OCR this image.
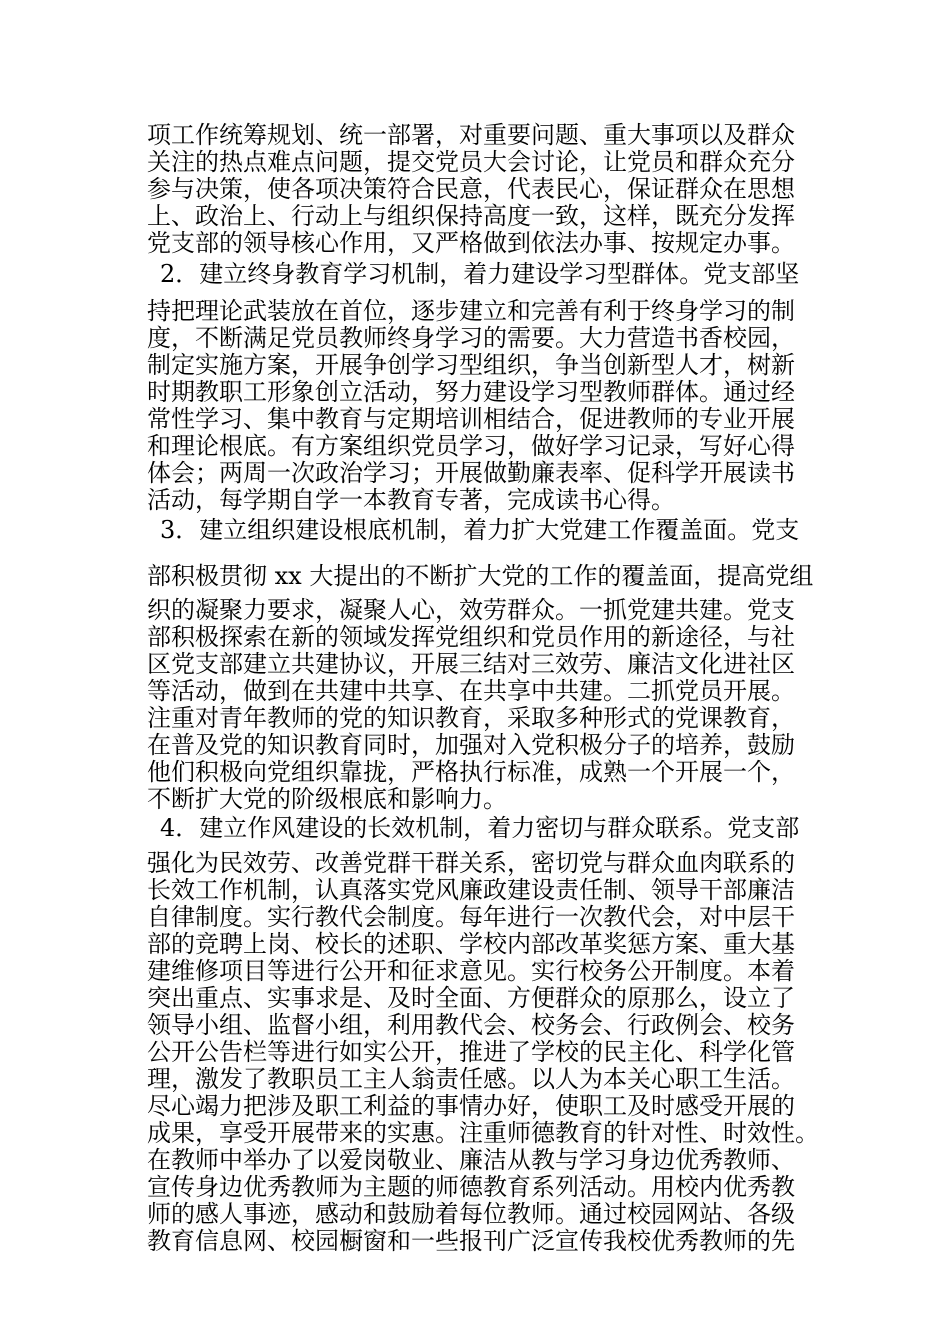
项工作统筹规划、统一部署，对重要问题、重大事项以及群众
关注的热点难点问题，提交党员大会讨论，让党员和群众充分
参与决策，使各项决策符合民意，代表民心，保证群众在思想
上、政治上、行动上与组织保持高度一致，这样，既充分发挥
党支部的领导核心作用，又严格做到依法办事、按规定办事。
2．建立终身教育学习机制，着力建设学习型群体。党支部坚
持把理论武装放在首位，逐步建立和完善有利于终身学习的制
度，不断满足党员教师终身学习的需要。大力营造书香校园，
制定实施方案，开展争创学习型组织，争当创新型人才，树新
时期教职工形象创立活动，努力建设学习型教师群体。通过经
常性学习、集中教育与定期培训相结合，促进教师的专业开展
和理论根底。有方案组织党员学习，做好学习记录，写好心得
体会；两周一次政治学习；开展做勤廉表率、促科学开展读书
活动，每学期自学一本教育专著，完成读书心得。
3．建立组织建设根底机制，着力扩大党建工作覆盖面。党支
部积极贯彻 xx 大提出的不断扩大党的工作的覆盖面，提高党组
织的凝聚力要求，凝聚人心，效劳群众。一抓党建共建。党支
部积极探索在新的领域发挥党组织和党员作用的新途径，与社
区党支部建立共建协议，开展三结对三效劳、廉洁文化进社区
等活动，做到在共建中共享、在共享中共建。二抓党员开展。
注重对青年教师的党的知识教育，采取多种形式的党课教育，
在普及党的知识教育同时，加强对入党积极分子的培养，鼓励
他们积极向党组织靠拢，严格执行标准，成熟一个开展一个，
不断扩大党的阶级根底和影响力。
4．建立作风建设的长效机制，着力密切与群众联系。党支部
强化为民效劳、改善党群干群关系，密切党与群众血肉联系的
长效工作机制，认真落实党风廉政建设责任制、领导干部廉洁
自律制度。实行教代会制度。每年进行一次教代会，对中层干
部的竞聘上岗、校长的述职、学校内部改革奖惩方案、重大基
建维修项目等进行公开和征求意见。实行校务公开制度。本着
突出重点、实事求是、及时全面、方便群众的原那么，设立了
领导小组、监督小组，利用教代会、校务会、行政例会、校务
公开公告栏等进行如实公开，推进了学校的民主化、科学化管
理，激发了教职员工主人翁责任感。以人为本关心职工生活。
尽心竭力把涉及职工利益的事情办好，使职工及时感受开展的
成果，享受开展带来的实惠。注重师德教育的针对性、时效性。
在教师中举办了以爱岗敬业、廉洁从教与学习身边优秀教师、
宣传身边优秀教师为主题的师德教育系列活动。用校内优秀教
师的感人事迹，感动和鼓励着每位教师。通过校园网站、各级
教育信息网、校园橱窗和一些报刊广泛宣传我校优秀教师的先
